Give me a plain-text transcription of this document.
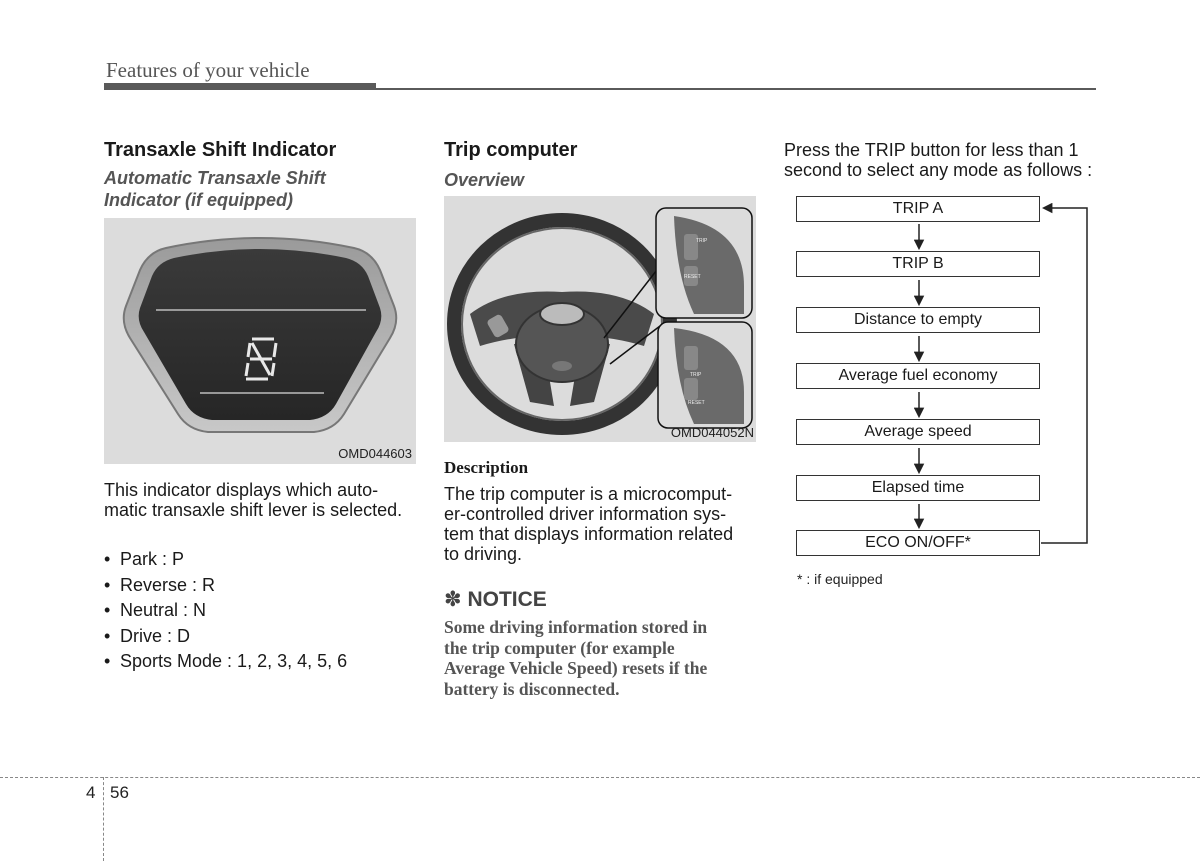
Features of your vehicle
Transaxle Shift Indicator
Automatic Transaxle Shift
Indicator (if equipped)
OMD044603
This indicator displays which auto-
matic transaxle shift lever is selected.
• Park : P
• Reverse : R
• Neutral : N
• Drive : D
• Sports Mode : 1, 2, 3, 4, 5, 6
Trip computer
Overview
TRIP
RESET
TRIP
RESET
OMD044052N
Description
The trip computer is a microcomput-
er-controlled driver information sys-
tem that displays information related
to driving.
✽ NOTICE
Some driving information stored in
the trip computer (for example
Average Vehicle Speed) resets if the
battery is disconnected.
Press the TRIP button for less than 1
second to select any mode as follows :
TRIP A
TRIP B
Distance to empty
Average fuel economy
Average speed
Elapsed time
ECO ON/OFF*
* : if equipped
4 56
